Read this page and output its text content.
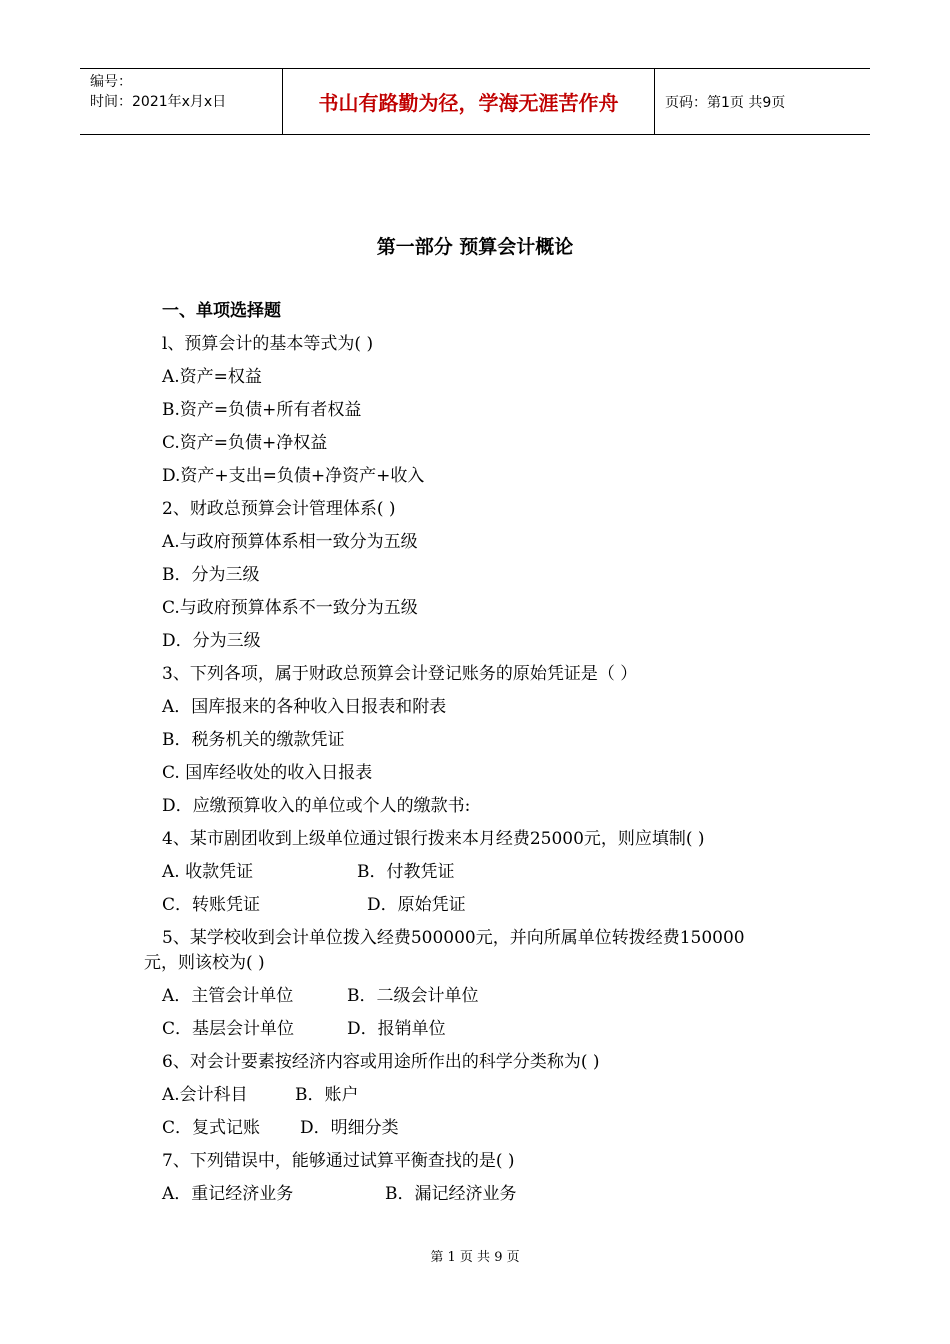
编号：
时间：2021年x月x日	书山有路勤为径，学海无涯苦作舟	页码：第1页 共9页
第一部分 预算会计概论
一、单项选择题
l、预算会计的基本等式为( )
A.资产=权益
B.资产=负债+所有者权益
C.资产=负债+净权益
D.资产+支出=负债+净资产+收入
2、财政总预算会计管理体系( )
A.与政府预算体系相一致分为五级
B．分为三级
C.与政府预算体系不一致分为五级
D．分为三级
3、下列各项，属于财政总预算会计登记账务的原始凭证是（ ）
A．国库报来的各种收入日报表和附表
B．税务机关的缴款凭证
C. 国库经收处的收入日报表
D．应缴预算收入的单位或个人的缴款书:
4、某市剧团收到上级单位通过银行拨来本月经费25000元，则应填制( )
A. 收款凭证	B．付教凭证
C．转账凭证	D．原始凭证
5、某学校收到会计单位拨入经费500000元，并向所属单位转拨经费150000
元，则该校为( )
A．主管会计单位	B．二级会计单位
C．基层会计单位	D．报销单位
6、对会计要素按经济内容或用途所作出的科学分类称为( )
A.会计科目	B．账户
C．复式记账 D．明细分类
7、下列错误中，能够通过试算平衡查找的是( )
A．重记经济业务	B．漏记经济业务
第 1 页 共 9 页
